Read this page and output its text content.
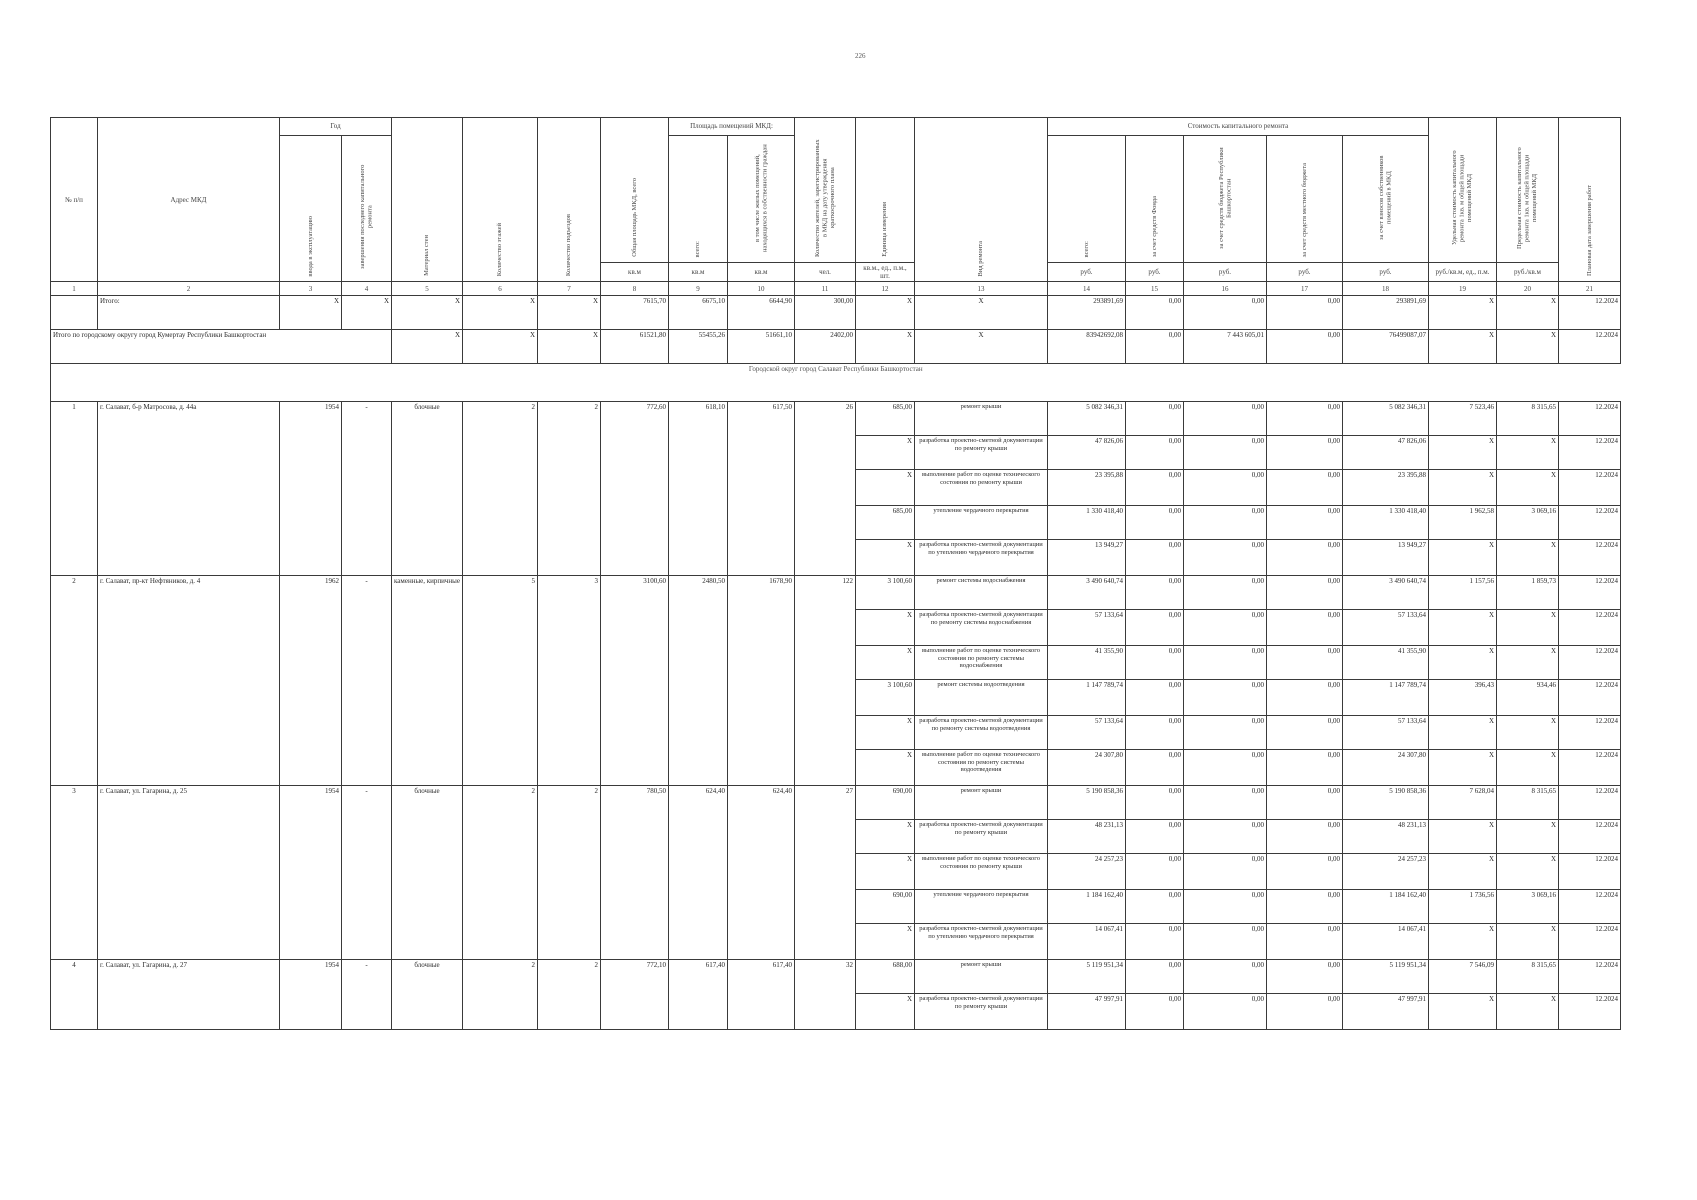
226
№ п/п	Адрес МКД	Год		Материал стен	Количество этажей	Количество подъездов	Общая площадь МКД, всего	Площадь помещений МКД:		Количество жителей, зарегистрированных в МКД на дату утверждения краткосрочного плана	Единица измерения	Вид ремонта	Стоимость капитального ремонта					Удельная стоимость капитального ремонта 1кв. м общей площади помещений МКД	Предельная стоимость капитального ремонта 1кв. м общей площади помещений МКД	Плановая дата завершения работ
		ввода в эксплуатацию	завершения последнего капитального ремонта					всего:	в том числе жилых помещений, находящихся в собственности граждан				всего:	за счет средств Фонда	за счет средств бюджета Республики Башкортостан	за счет средств местного бюджета	за счет взносов собственников помещений в МКД			
							кв.м	кв.м	кв.м	чел.	кв.м., ед., п.м., шт.		руб.	руб.	руб.	руб.	руб.	руб./кв.м, ед., п.м.	руб./кв.м	
1	2	3	4	5	6	7	8	9	10	11	12	13	14	15	16	17	18	19	20	21
	Итого:	X	X	X	X	X	7615,70	6675,10	6644,90	300,00	X	X	293891,69	0,00	0,00	0,00	293891,69	X	X	12.2024
Итого по городскому округу город Кумертау Республики Башкортостан				X	X	X	61521,80	55455,26	51661,10	2402,00	X	X	83942692,08	0,00	7 443 605,01	0,00	76499087,07	X	X	12.2024
Городской округ город Салават Республики Башкортостан																				
1	г. Салават, б-р Матросова, д. 44а	1954	-	блочные	2	2	772,60	618,10	617,50	26	685,00	ремонт крыши	5 082 346,31	0,00	0,00	0,00	5 082 346,31	7 523,46	8 315,65	12.2024
											X	разработка проектно-сметной документации по ремонту крыши	47 826,06	0,00	0,00	0,00	47 826,06	X	X	12.2024
											X	выполнение работ по оценке технического состояния по ремонту крыши	23 395,88	0,00	0,00	0,00	23 395,88	X	X	12.2024
											685,00	утепление чердачного перекрытия	1 330 418,40	0,00	0,00	0,00	1 330 418,40	1 962,58	3 069,16	12.2024
											X	разработка проектно-сметной документации по утеплению чердачного перекрытия	13 949,27	0,00	0,00	0,00	13 949,27	X	X	12.2024
2	г. Салават, пр-кт Нефтяников, д. 4	1962	-	каменные, кирпичные	5	3	3100,60	2480,50	1678,90	122	3 100,60	ремонт системы водоснабжения	3 490 640,74	0,00	0,00	0,00	3 490 640,74	1 157,56	1 859,73	12.2024
											X	разработка проектно-сметной документации по ремонту системы водоснабжения	57 133,64	0,00	0,00	0,00	57 133,64	X	X	12.2024
											X	выполнение работ по оценке технического состояния по ремонту системы водоснабжения	41 355,90	0,00	0,00	0,00	41 355,90	X	X	12.2024
											3 100,60	ремонт системы водоотведения	1 147 789,74	0,00	0,00	0,00	1 147 789,74	396,43	934,46	12.2024
											X	разработка проектно-сметной документации по ремонту системы водоотведения	57 133,64	0,00	0,00	0,00	57 133,64	X	X	12.2024
											X	выполнение работ по оценке технического состояния по ремонту системы водоотведения	24 307,80	0,00	0,00	0,00	24 307,80	X	X	12.2024
3	г. Салават, ул. Гагарина, д. 25	1954	-	блочные	2	2	780,50	624,40	624,40	27	690,00	ремонт крыши	5 190 858,36	0,00	0,00	0,00	5 190 858,36	7 628,04	8 315,65	12.2024
											X	разработка проектно-сметной документации по ремонту крыши	48 231,13	0,00	0,00	0,00	48 231,13	X	X	12.2024
											X	выполнение работ по оценке технического состояния по ремонту крыши	24 257,23	0,00	0,00	0,00	24 257,23	X	X	12.2024
											690,00	утепление чердачного перекрытия	1 184 162,40	0,00	0,00	0,00	1 184 162,40	1 736,56	3 069,16	12.2024
											X	разработка проектно-сметной документации по утеплению чердачного перекрытия	14 067,41	0,00	0,00	0,00	14 067,41	X	X	12.2024
4	г. Салават, ул. Гагарина, д. 27	1954	-	блочные	2	2	772,10	617,40	617,40	32	688,00	ремонт крыши	5 119 951,34	0,00	0,00	0,00	5 119 951,34	7 546,09	8 315,65	12.2024
											X	разработка проектно-сметной документации по ремонту крыши	47 997,91	0,00	0,00	0,00	47 997,91	X	X	12.2024
